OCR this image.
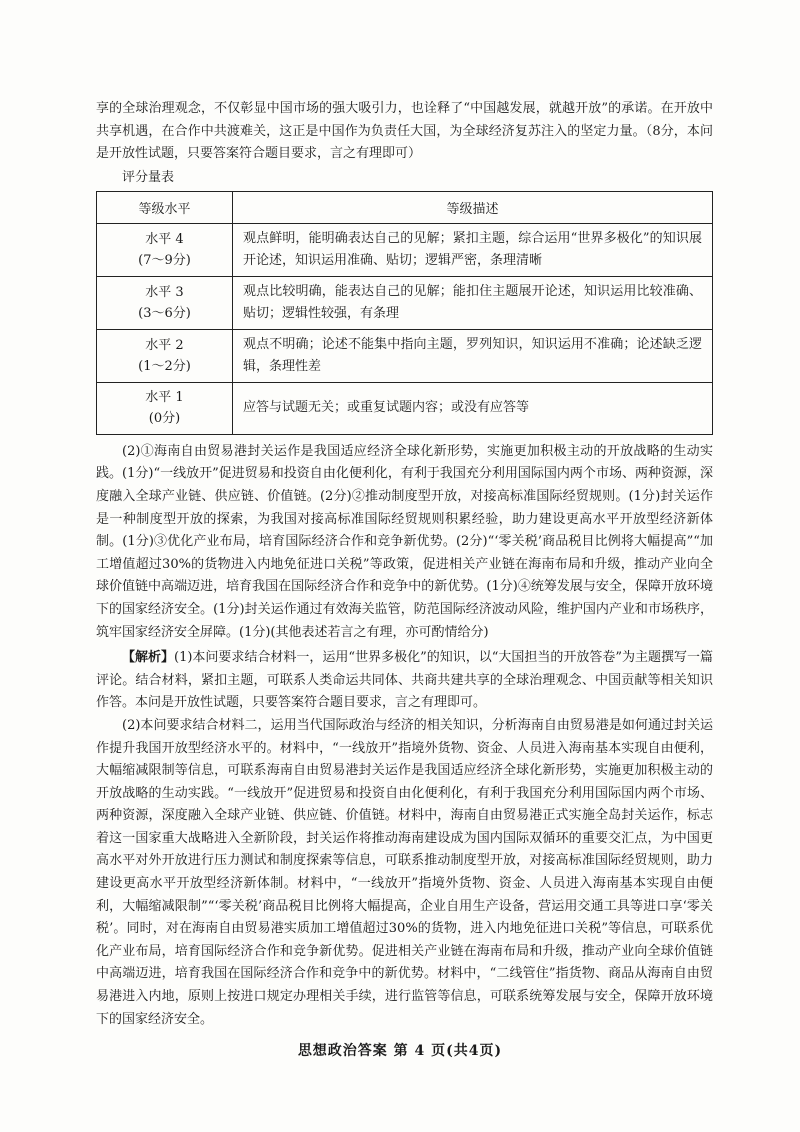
享的全球治理观念，不仅彰显中国市场的强大吸引力，也诠释了“中国越发展，就越开放”的承诺。在开放中共享机遇，在合作中共渡难关，这正是中国作为负责任大国，为全球经济复苏注入的坚定力量。（8分，本问是开放性试题，只要答案符合题目要求，言之有理即可）

评分量表
等级水平	等级描述

水平 4
(7～9分)	观点鲜明，能明确表达自己的见解；紧扣主题，综合运用“世界多极化”的知识展开论述，知识运用准确、贴切；逻辑严密，条理清晰

水平 3
(3～6分)	观点比较明确，能表达自己的见解；能扣住主题展开论述，知识运用比较准确、贴切；逻辑性较强，有条理

水平 2
(1～2分)	观点不明确；论述不能集中指向主题，罗列知识，知识运用不准确；论述缺乏逻辑，条理性差

水平 1
(0分)	应答与试题无关；或重复试题内容；或没有应答等

(2)①海南自由贸易港封关运作是我国适应经济全球化新形势，实施更加积极主动的开放战略的生动实践。(1分)“一线放开”促进贸易和投资自由化便利化，有利于我国充分利用国际国内两个市场、两种资源，深度融入全球产业链、供应链、价值链。(2分)②推动制度型开放，对接高标准国际经贸规则。(1分)封关运作是一种制度型开放的探索，为我国对接高标准国际经贸规则积累经验，助力建设更高水平开放型经济新体制。(1分)③优化产业布局，培育国际经济合作和竞争新优势。(2分)“‘零关税’商品税目比例将大幅提高”“加工增值超过30%的货物进入内地免征进口关税”等政策，促进相关产业链在海南布局和升级，推动产业向全球价值链中高端迈进，培育我国在国际经济合作和竞争中的新优势。(1分)④统筹发展与安全，保障开放环境下的国家经济安全。(1分)封关运作通过有效海关监管，防范国际经济波动风险，维护国内产业和市场秩序，筑牢国家经济安全屏障。(1分)(其他表述若言之有理，亦可酌情给分)

【解析】(1)本问要求结合材料一，运用“世界多极化”的知识，以“大国担当的开放答卷”为主题撰写一篇评论。结合材料，紧扣主题，可联系人类命运共同体、共商共建共享的全球治理观念、中国贡献等相关知识作答。本问是开放性试题，只要答案符合题目要求，言之有理即可。

(2)本问要求结合材料二，运用当代国际政治与经济的相关知识，分析海南自由贸易港是如何通过封关运作提升我国开放型经济水平的。材料中，“一线放开”指境外货物、资金、人员进入海南基本实现自由便利，大幅缩减限制等信息，可联系海南自由贸易港封关运作是我国适应经济全球化新形势，实施更加积极主动的开放战略的生动实践。“一线放开”促进贸易和投资自由化便利化，有利于我国充分利用国际国内两个市场、两种资源，深度融入全球产业链、供应链、价值链。材料中，海南自由贸易港正式实施全岛封关运作，标志着这一国家重大战略进入全新阶段，封关运作将推动海南建设成为国内国际双循环的重要交汇点，为中国更高水平对外开放进行压力测试和制度探索等信息，可联系推动制度型开放，对接高标准国际经贸规则，助力建设更高水平开放型经济新体制。材料中，“一线放开”指境外货物、资金、人员进入海南基本实现自由便利，大幅缩减限制”“‘零关税’商品税目比例将大幅提高，企业自用生产设备，营运用交通工具等进口享‘零关税’。同时，对在海南自由贸易港实质加工增值超过30%的货物，进入内地免征进口关税”等信息，可联系优化产业布局，培育国际经济合作和竞争新优势。促进相关产业链在海南布局和升级，推动产业向全球价值链中高端迈进，培育我国在国际经济合作和竞争中的新优势。材料中，“二线管住”指货物、商品从海南自由贸易港进入内地，原则上按进口规定办理相关手续，进行监管等信息，可联系统筹发展与安全，保障开放环境下的国家经济安全。

思想政治答案 第 4 页(共4页)
